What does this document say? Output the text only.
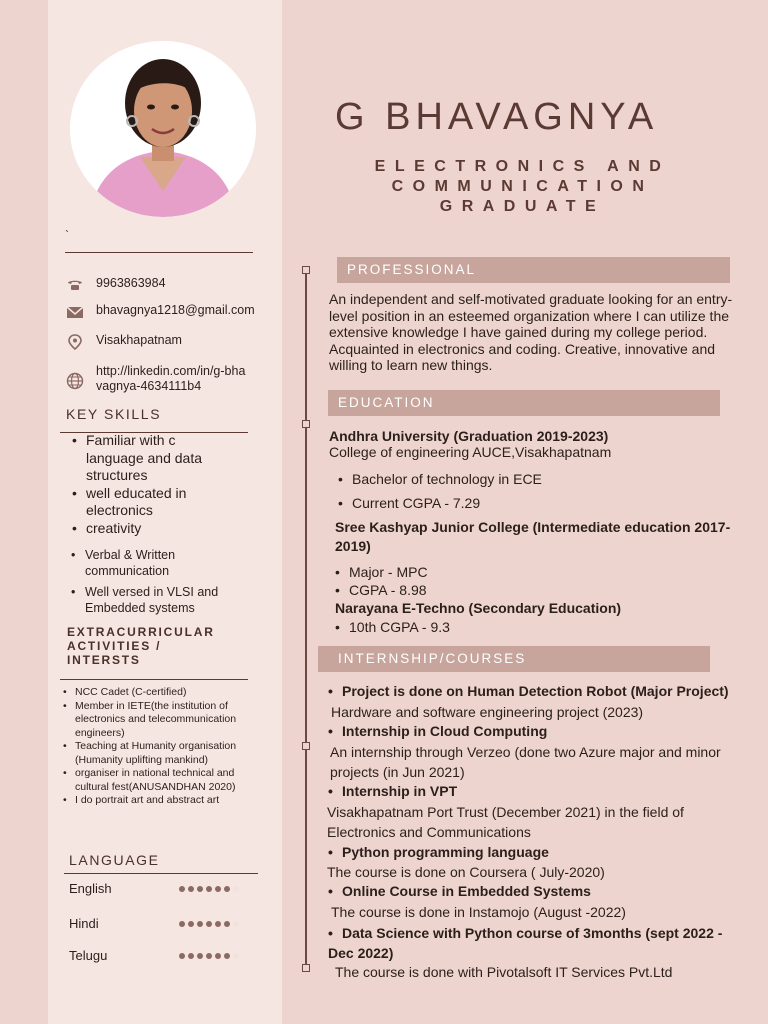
`
9963863984
bhavagnya1218@gmail.com
Visakhapatnam
http://linkedin.com/in/g-bhavagnya-4634111b4
KEY SKILLS
• Familiar with c language and data structures
• well educated in electronics
• creativity
• Verbal & Written communication
• Well versed in VLSI and Embedded systems
EXTRACURRICULAR ACTIVITIES / INTERSTS
• NCC Cadet (C-certified)
• Member in IETE(the institution of electronics and telecommunication engineers)
• Teaching at Humanity organisation (Humanity uplifting mankind)
• organiser in national technical and cultural fest(ANUSANDHAN 2020)
• I do portrait art and abstract art
LANGUAGE
English
Hindi
Telugu
G BHAVAGNYA
ELECTRONICS AND
COMMUNICATION
GRADUATE
PROFESSIONAL
An independent and self-motivated graduate looking for an entry-level position in an esteemed organization where I can utilize the extensive knowledge I have gained during my college period. Acquainted in electronics and coding. Creative, innovative and willing to learn new things.
EDUCATION
Andhra University (Graduation 2019-2023)
College of engineering AUCE,Visakhapatnam
• Bachelor of technology in ECE
• Current CGPA - 7.29
Sree Kashyap Junior College (Intermediate education 2017-2019)
• Major - MPC
• CGPA - 8.98
Narayana E-Techno (Secondary Education)
• 10th CGPA - 9.3
INTERNSHIP/COURSES
• Project is done on Human Detection Robot (Major Project)
Hardware and software engineering project (2023)
• Internship in Cloud Computing
An internship through Verzeo (done two Azure major and minor projects (in Jun 2021)
• Internship in VPT
Visakhapatnam Port Trust (December 2021) in the field of Electronics and Communications
• Python programming language
The course is done on Coursera ( July-2020)
• Online Course in Embedded Systems
The course is done in Instamojo (August -2022)
• Data Science with Python course of 3months (sept 2022 - Dec 2022)
The course is done with Pivotalsoft IT Services Pvt.Ltd
